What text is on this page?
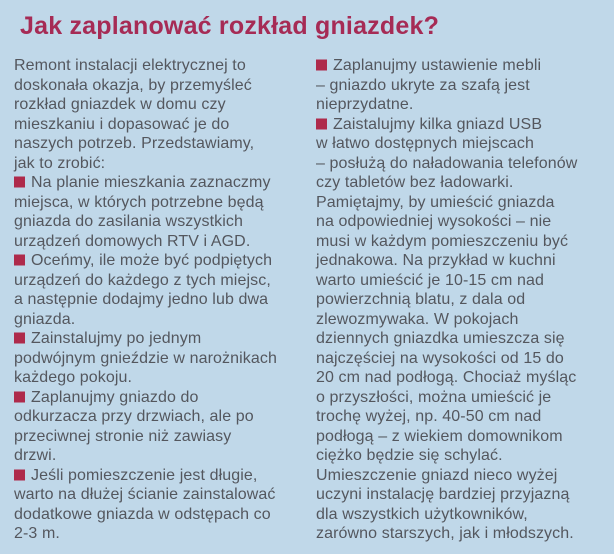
Jak zaplanować rozkład gniazdek?
Remont instalacji elektrycznej to
doskonała okazja, by przemyśleć
rozkład gniazdek w domu czy
mieszkaniu i dopasować je do
naszych potrzeb. Przedstawiamy,
jak to zrobić:
Na planie mieszkania zaznaczmy
miejsca, w których potrzebne będą
gniazda do zasilania wszystkich
urządzeń domowych RTV i AGD.
Oceńmy, ile może być podpiętych
urządzeń do każdego z tych miejsc,
a następnie dodajmy jedno lub dwa
gniazda.
Zainstalujmy po jednym
podwójnym gnieździe w narożnikach
każdego pokoju.
Zaplanujmy gniazdo do
odkurzacza przy drzwiach, ale po
przeciwnej stronie niż zawiasy
drzwi.
Jeśli pomieszczenie jest długie,
warto na dłużej ścianie zainstalować
dodatkowe gniazda w odstępach co
2-3 m.
Zaplanujmy ustawienie mebli
– gniazdo ukryte za szafą jest
nieprzydatne.
Zaistalujmy kilka gniazd USB
w łatwo dostępnych miejscach
– posłużą do naładowania telefonów
czy tabletów bez ładowarki.
Pamiętajmy, by umieścić gniazda
na odpowiedniej wysokości – nie
musi w każdym pomieszczeniu być
jednakowa. Na przykład w kuchni
warto umieścić je 10-15 cm nad
powierzchnią blatu, z dala od
zlewozmywaka. W pokojach
dziennych gniazdka umieszcza się
najczęściej na wysokości od 15 do
20 cm nad podłogą. Chociaż myśląc
o przyszłości, można umieścić je
trochę wyżej, np. 40-50 cm nad
podłogą – z wiekiem domownikom
ciężko będzie się schylać.
Umieszczenie gniazd nieco wyżej
uczyni instalację bardziej przyjazną
dla wszystkich użytkowników,
zarówno starszych, jak i młodszych.
